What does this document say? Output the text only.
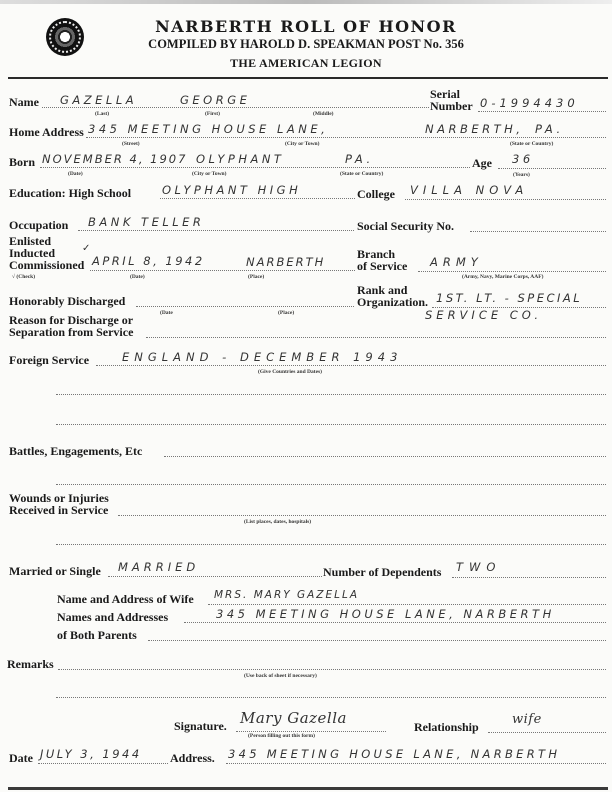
NARBERTH ROLL OF HONOR
COMPILED BY HAROLD D. SPEAKMAN POST No. 356
THE AMERICAN LEGION
Name GAZELLA	GEORGE
(Last)	(First)	(Middle)
Serial
Number 0-1994430
Home Address 345 MEETING HOUSE LANE,	NARBERTH, PA.
(Street)	(City or Town)	(State or Country)
Born NOVEMBER 4, 1907 OLYPHANT	PA.
(Date)	(City or Town)	(State or Country)
Age 36
(Years)
Education: High School	OLYPHANT HIGH	College VILLA NOVA
Occupation BANK TELLER	Social Security No.
Enlisted
Inducted	✓
Commissioned APRIL 8, 1942	NARBERTH
√ (Check)	(Date)	(Place)
Branch
of Service ARMY
(Army, Navy, Marine Corps, AAF)
Honorably Discharged
(Date	(Place)
Rank and
Organization. 1ST. LT. - SPECIAL
SERVICE CO.
Reason for Discharge or
Separation from Service
Foreign Service	ENGLAND - DECEMBER 1943
(Give Countries and Dates)
Battles, Engagements, Etc
Wounds or Injuries
Received in Service
(List places, dates, hospitals)
Married or Single MARRIED	Number of Dependents TWO
Name and Address of Wife MRS. MARY GAZELLA
Names and Addresses	345 MEETING HOUSE LANE, NARBERTH
of Both Parents
Remarks
(Use back of sheet if necessary)
Signature. Mary Gazella
(Person filling out this form)
Relationship	wife
Date JULY 3, 1944 Address. 345 MEETING HOUSE LANE, NARBERTH
